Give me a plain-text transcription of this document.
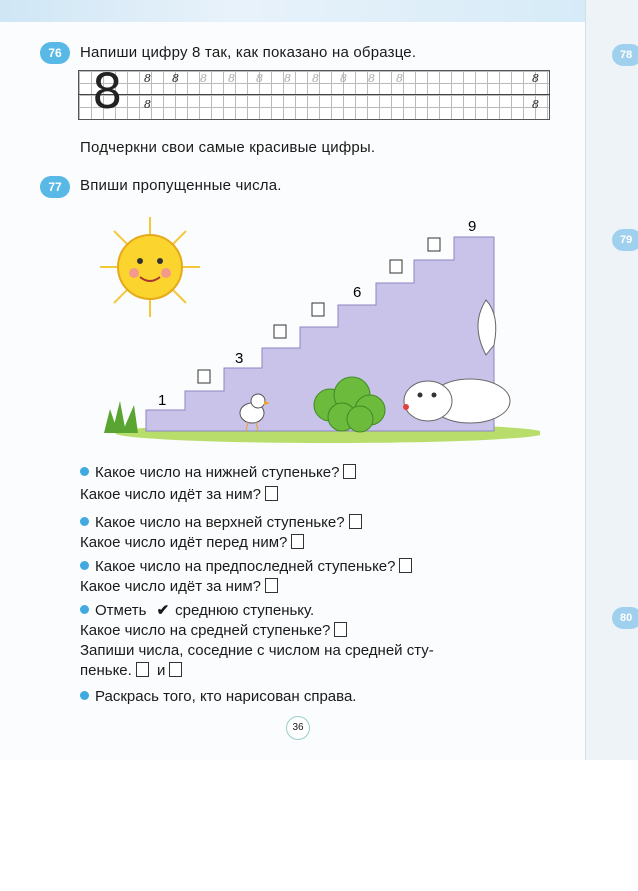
78
79
80
76	Напиши цифру 8 так, как показано на образце.
8
Подчеркни свои самые красивые цифры.
77	Впиши пропущенные числа.
1
3
6
9
Какое число на нижней ступеньке?
Какое число идёт за ним?
Какое число на верхней ступеньке?
Какое число идёт перед ним?
Какое число на предпоследней ступеньке?
Какое число идёт за ним?
Отметь ✔ среднюю ступеньку.
Какое число на средней ступеньке?
Запиши числа, соседние с числом на средней сту-
пеньке. и
Раскрась того, кто нарисован справа.
36
8 8 8 8 8 8 8 8 8 8
8
8
8
